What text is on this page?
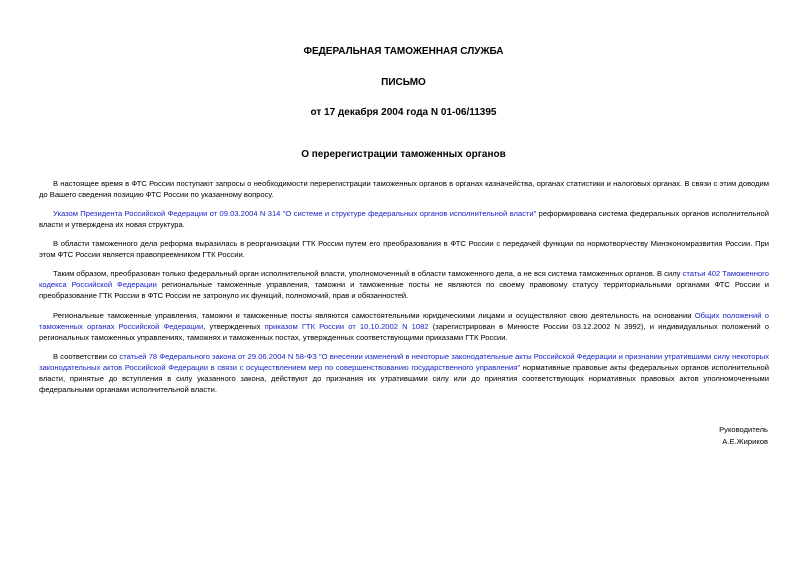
ФЕДЕРАЛЬНАЯ ТАМОЖЕННАЯ СЛУЖБА
ПИСЬМО
от 17 декабря 2004 года N 01-06/11395
О перерегистрации таможенных органов

В настоящее время в ФТС России поступают запросы о необходимости перерегистрации таможенных органов в органах казначейства, органах статистики и налоговых органах. В связи с этим доводим до Вашего сведения позицию ФТС России по указанному вопросу.

Указом Президента Российской Федерации от 09.03.2004 N 314 "О системе и структуре федеральных органов исполнительной власти" реформирована система федеральных органов исполнительной власти и утверждена их новая структура.

В области таможенного дела реформа выразилась в реорганизации ГТК России путем его преобразования в ФТС России с передачей функции по нормотворчеству Минэкономразвития России. При этом ФТС России является правопреемником ГТК России.

Таким образом, преобразован только федеральный орган исполнительной власти, уполномоченный в области таможенного дела, а не вся система таможенных органов. В силу статьи 402 Таможенного кодекса Российской Федерации региональные таможенные управления, таможни и таможенные посты не являются по своему правовому статусу территориальными органами ФТС России и преобразование ГТК России в ФТС России не затронуло их функций, полномочий, прав и обязанностей.

Региональные таможенные управления, таможни и таможенные посты являются самостоятельными юридическими лицами и осуществляют свою деятельность на основании Общих положений о таможенных органах Российской Федерации, утвержденных приказом ГТК России от 10.10.2002 N 1082 (зарегистрирован в Минюсте России 03.12.2002 N 3992), и индивидуальных положений о региональных таможенных управлениях, таможнях и таможенных постах, утвержденных соответствующими приказами ГТК России.

В соответствии со статьей 78 Федерального закона от 29.06.2004 N 58-ФЗ "О внесении изменений в некоторые законодательные акты Российской Федерации и признании утратившими силу некоторых законодательных актов Российской Федерации в связи с осуществлением мер по совершенствованию государственного управления" нормативные правовые акты федеральных органов исполнительной власти, принятые до вступления в силу указанного закона, действуют до признания их утратившими силу или до принятия соответствующих нормативных правовых актов уполномоченными федеральными органами исполнительной власти.

Руководитель
А.Е.Жириков
